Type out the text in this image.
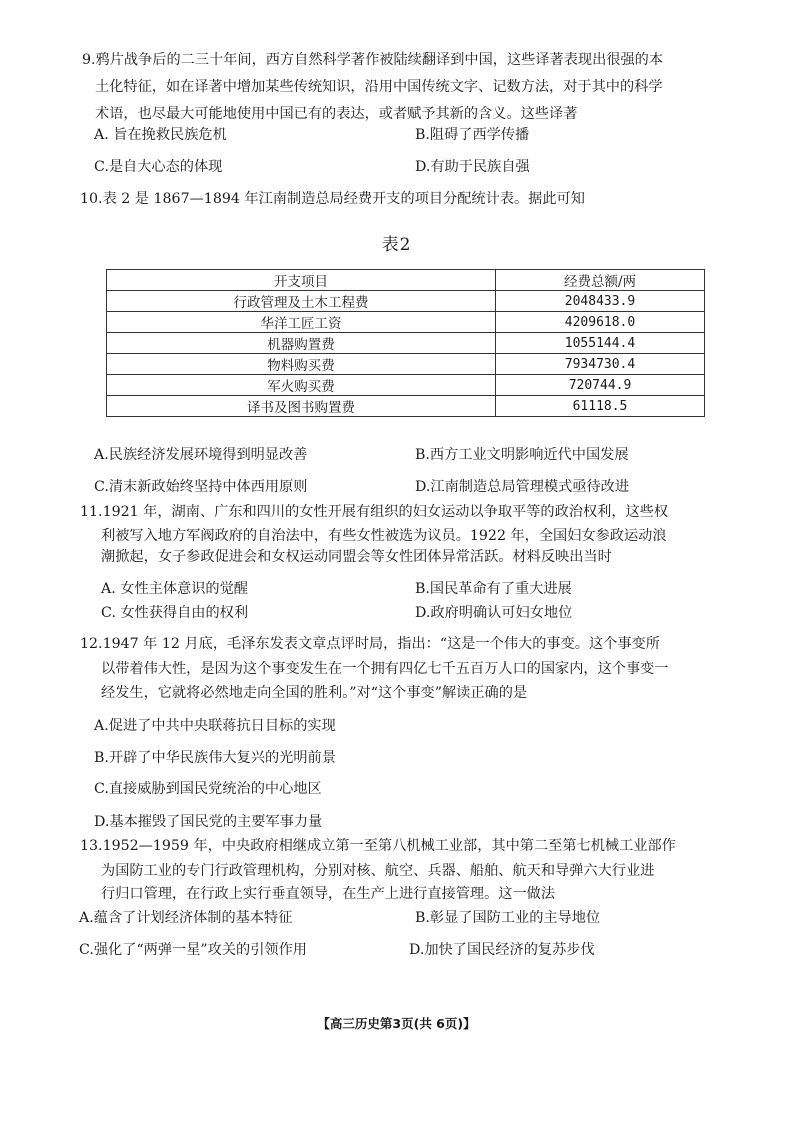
9.鸦片战争后的二三十年间，西方自然科学著作被陆续翻译到中国，这些译著表现出很强的本
土化特征，如在译著中增加某些传统知识，沿用中国传统文字、记数方法，对于其中的科学
术语，也尽最大可能地使用中国已有的表达，或者赋予其新的含义。这些译著
A. 旨在挽救民族危机	B.阻碍了西学传播
C.是自大心态的体现	D.有助于民族自强
10.表 2 是 1867—1894 年江南制造总局经费开支的项目分配统计表。据此可知
表2
开支项目	经费总额/两
行政管理及土木工程费	2048433.9
华洋工匠工资	4209618.0
机器购置费	1055144.4
物料购买费	7934730.4
军火购买费	720744.9
译书及图书购置费	61118.5
A.民族经济发展环境得到明显改善	B.西方工业文明影响近代中国发展
C.清末新政始终坚持中体西用原则	D.江南制造总局管理模式亟待改进
11.1921 年，湖南、广东和四川的女性开展有组织的妇女运动以争取平等的政治权利，这些权
利被写入地方军阀政府的自治法中，有些女性被选为议员。1922 年，全国妇女参政运动浪
潮掀起，女子参政促进会和女权运动同盟会等女性团体异常活跃。材料反映出当时
A. 女性主体意识的觉醒	B.国民革命有了重大进展
C. 女性获得自由的权利	D.政府明确认可妇女地位
12.1947 年 12 月底，毛泽东发表文章点评时局，指出：“这是一个伟大的事变。这个事变所
以带着伟大性，是因为这个事变发生在一个拥有四亿七千五百万人口的国家内，这个事变一
经发生，它就将必然地走向全国的胜利。”对“这个事变”解读正确的是
A.促进了中共中央联蒋抗日目标的实现
B.开辟了中华民族伟大复兴的光明前景
C.直接威胁到国民党统治的中心地区
D.基本摧毁了国民党的主要军事力量
13.1952—1959 年，中央政府相继成立第一至第八机械工业部，其中第二至第七机械工业部作
为国防工业的专门行政管理机构，分别对核、航空、兵器、船舶、航天和导弹六大行业进
行归口管理，在行政上实行垂直领导，在生产上进行直接管理。这一做法
A.蕴含了计划经济体制的基本特征	B.彰显了国防工业的主导地位
C.强化了“两弹一星”攻关的引领作用	D.加快了国民经济的复苏步伐
【高三历史第3页(共 6页)】
